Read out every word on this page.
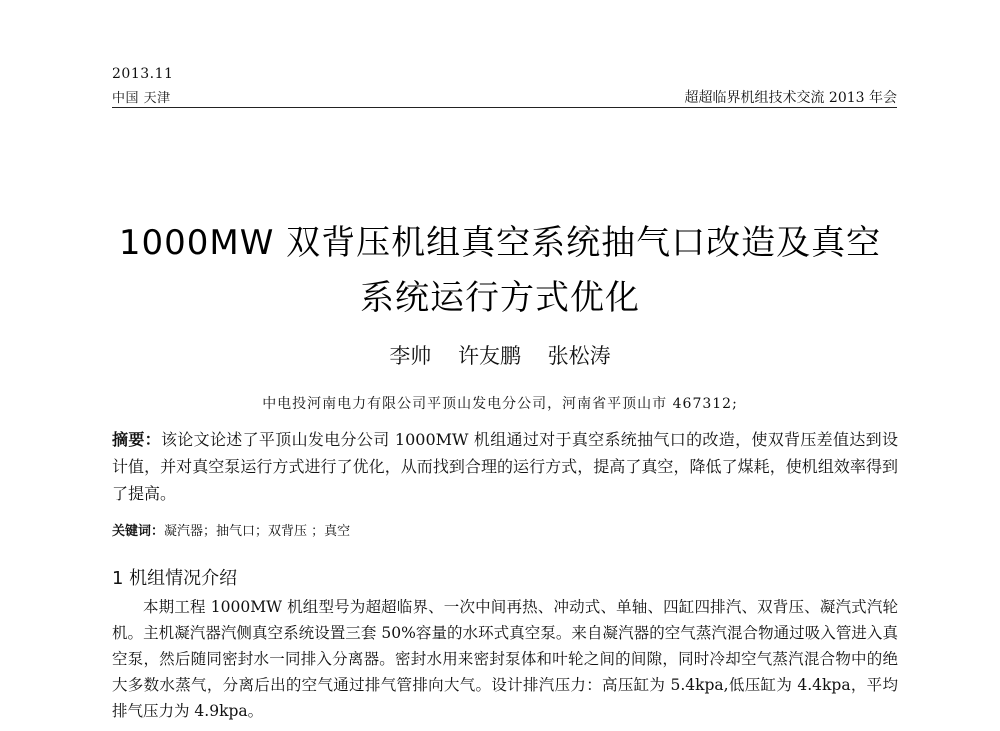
2013.11
中国 天津	超超临界机组技术交流 2013 年会
1000MW 双背压机组真空系统抽气口改造及真空
系统运行方式优化
李帅 许友鹏 张松涛
中电投河南电力有限公司平顶山发电分公司，河南省平顶山市 467312;
摘要：该论文论述了平顶山发电分公司 1000MW 机组通过对于真空系统抽气口的改造，使双背压差值达到设计值，并对真空泵运行方式进行了优化，从而找到合理的运行方式，提高了真空，降低了煤耗，使机组效率得到了提高。
关键词：凝汽器；抽气口；双背压 ；真空
1 机组情况介绍
本期工程 1000MW 机组型号为超超临界、一次中间再热、冲动式、单轴、四缸四排汽、双背压、凝汽式汽轮机。主机凝汽器汽侧真空系统设置三套 50%容量的水环式真空泵。来自凝汽器的空气蒸汽混合物通过吸入管进入真空泵，然后随同密封水一同排入分离器。密封水用来密封泵体和叶轮之间的间隙，同时冷却空气蒸汽混合物中的绝大多数水蒸气，分离后出的空气通过排气管排向大气。设计排汽压力：高压缸为 5.4kpa,低压缸为 4.4kpa，平均排气压力为 4.9kpa。
